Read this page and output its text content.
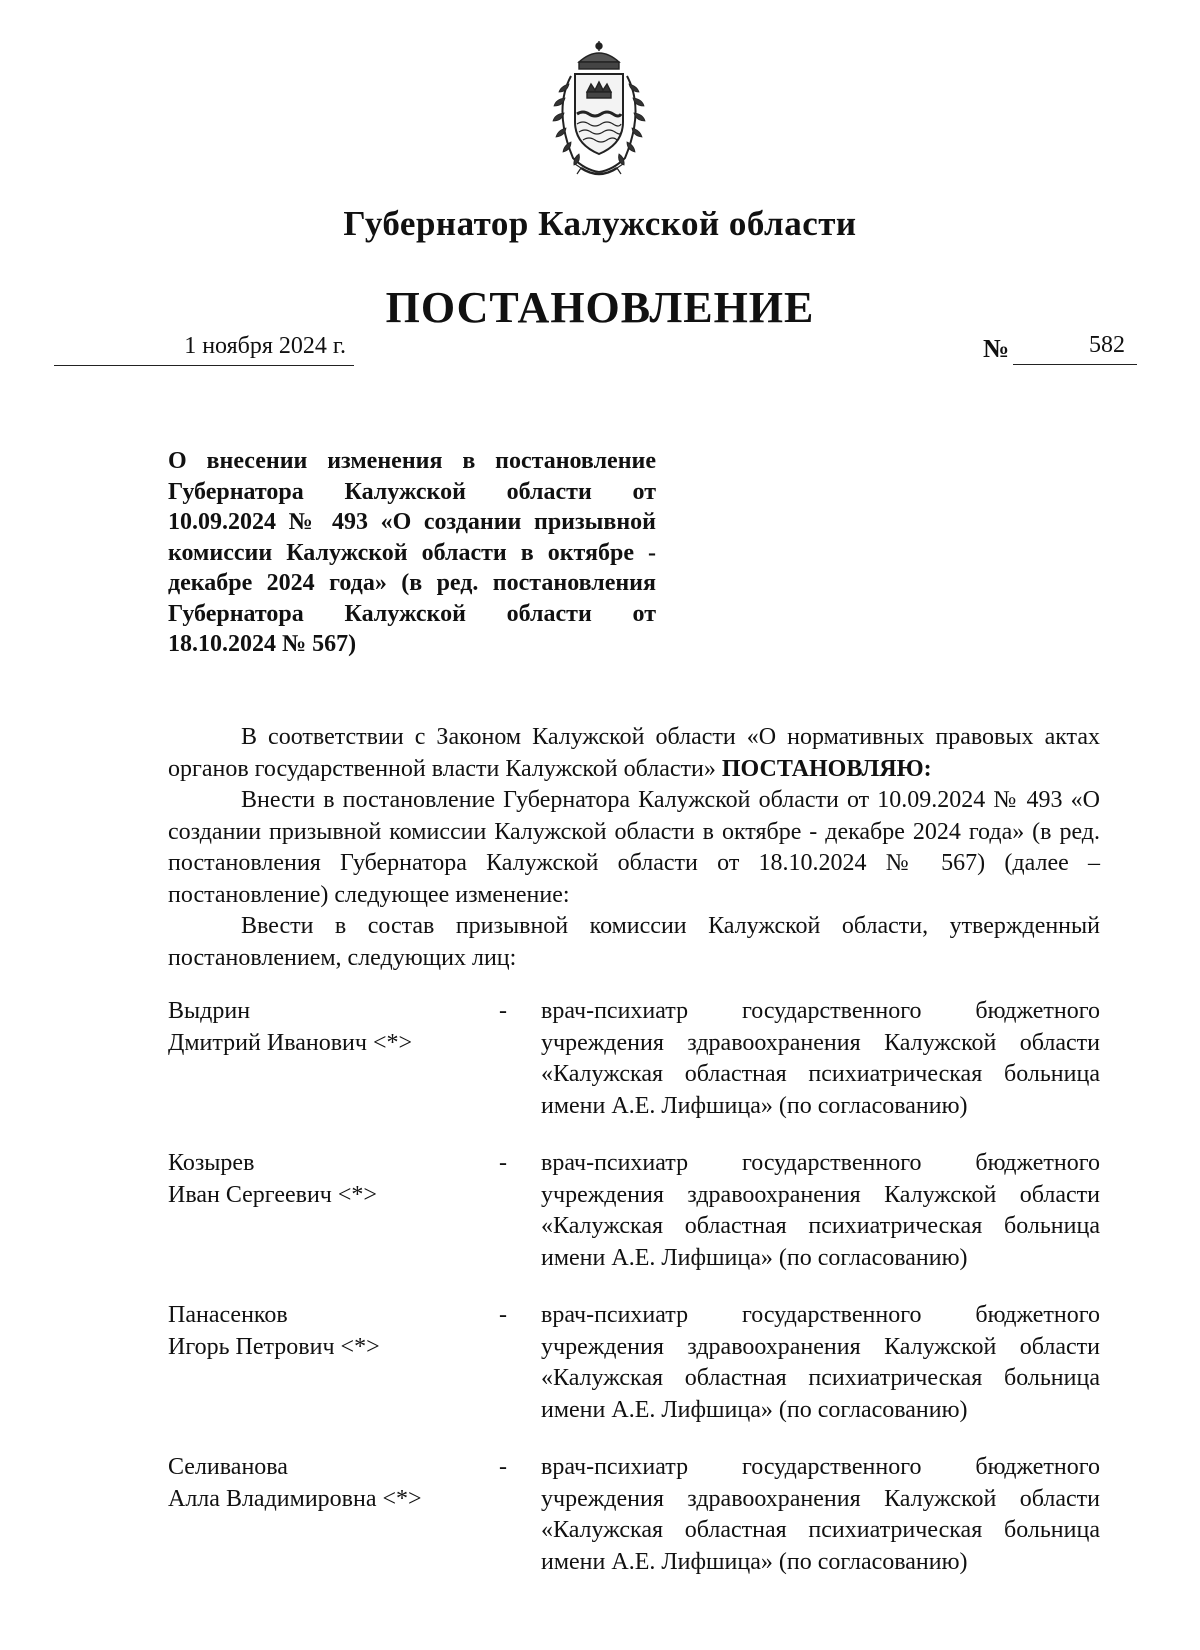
Губернатор Калужской области
ПОСТАНОВЛЕНИЕ
1 ноября 2024 г.	№	582
О внесении изменения в постановление Губернатора Калужской области от 10.09.2024 № 493 «О создании призывной комиссии Калужской области в октябре - декабре 2024 года» (в ред. постановления Губернатора Калужской области от 18.10.2024 № 567)

В соответствии с Законом Калужской области «О нормативных правовых актах органов государственной власти Калужской области» ПОСТАНОВЛЯЮ:

Внести в постановление Губернатора Калужской области от 10.09.2024 № 493 «О создании призывной комиссии Калужской области в октябре - декабре 2024 года» (в ред. постановления Губернатора Калужской области от 18.10.2024 № 567) (далее – постановление) следующее изменение:

Ввести в состав призывной комиссии Калужской области, утвержденный постановлением, следующих лиц:

Выдрин
Дмитрий Иванович <*>
- врач-психиатр государственного бюджетного
учреждения здравоохранения Калужской области «Калужская областная психиатрическая больница имени А.Е. Лифшица» (по согласованию)
Козырев
Иван Сергеевич <*>
- врач-психиатр государственного бюджетного
учреждения здравоохранения Калужской области «Калужская областная психиатрическая больница имени А.Е. Лифшица» (по согласованию)
Панасенков
Игорь Петрович <*>
- врач-психиатр государственного бюджетного
учреждения здравоохранения Калужской области «Калужская областная психиатрическая больница имени А.Е. Лифшица» (по согласованию)
Селиванова
Алла Владимировна <*>
- врач-психиатр государственного бюджетного
учреждения здравоохранения Калужской области «Калужская областная психиатрическая больница имени А.Е. Лифшица» (по согласованию)
